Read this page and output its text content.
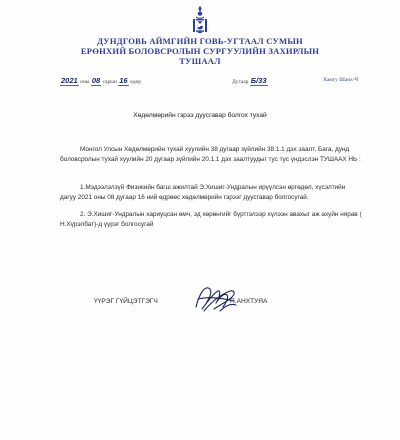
ДУНДГОВЬ АЙМГИЙН ГОВЬ-УГТААЛ СУМЫН
ЕРӨНХИЙ БОЛОВСРОЛЫН СУРГУУЛИЙН ЗАХИРЛЫН
ТУШААЛ
2021 оны 08 сарын 16 өдөр	Дугаар Б/33	Хамгу Шанх-Ч
Хөдөлмөрийн гэрээ дуусгавар болгох тухай
Монгол Улсын Хөдөлмөрийн тухай хуулийн 38 дугаар зүйлийн 38.1.1 дэх заалт, Бага, дунд боловсролын тухай хуулийн 20 дугаар зүйлийн 20.1.1 дэх заалтуудыг тус тус үндэслэн ТУШААХ НЬ :
1.Мэдээлэлзүй Физикийн багш ажилтай Э.Хишиг-Ундралын ирүүлсэн өргөдөл, хүсэлтийн дагуу 2021 оны 08 дугаар 16 ний өдрөөс хөдөлмөрийн гэрээг дуусгавар болгосугай.
2. Э.Хишиг-Ундралын хариуцсан өмч, эд хөрөнгийг бүртгэлээр хүлээн авахыг аж ахуйн нярав ( Н.Хүрэлбат)-д үүрэг болгосугай
ҮҮРЭГ ГҮЙЦЭТГЭГЧ	П.АНХТУЯА
